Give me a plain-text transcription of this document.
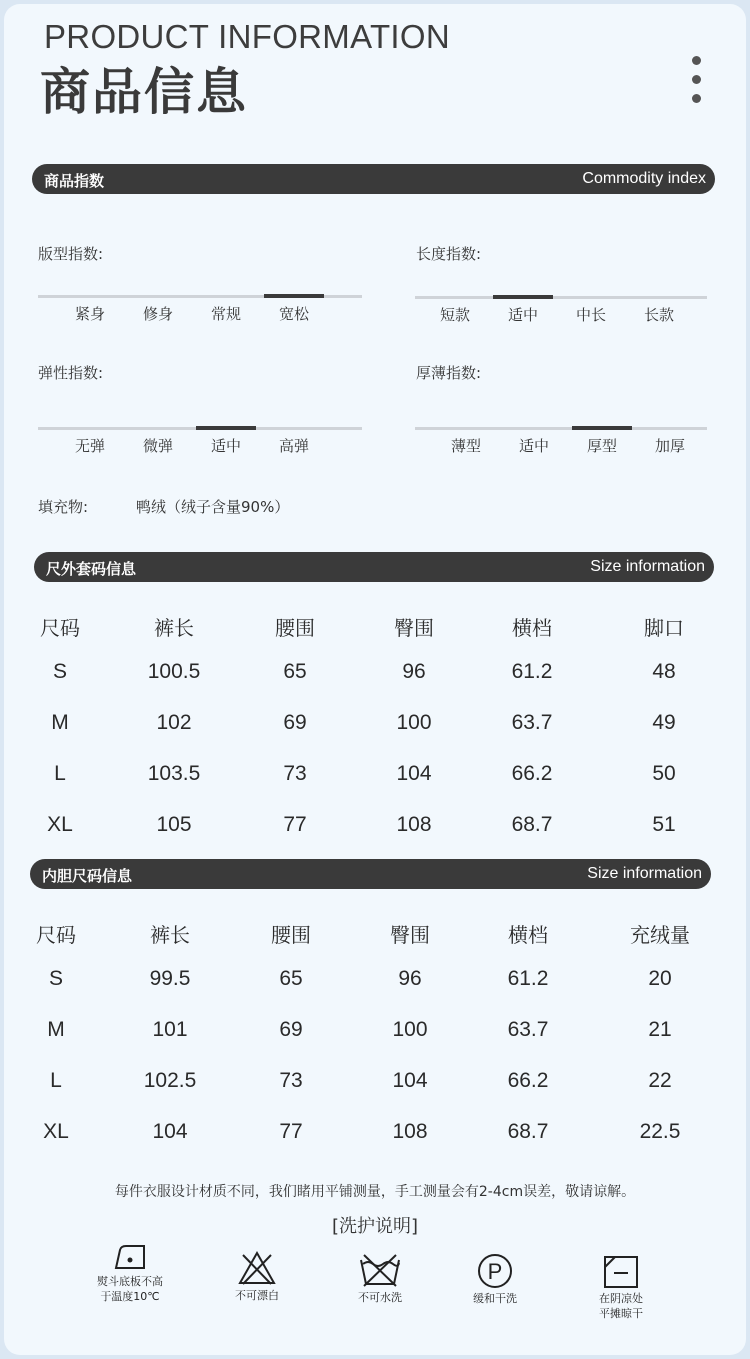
PRODUCT INFORMATION
商品信息
商品指数	Commodity index
版型指数:
紧身	修身	常规	宽松
长度指数:
短款	适中	中长	长款
弹性指数:
无弹	微弹	适中	高弹
厚薄指数:
薄型	适中	厚型	加厚
填充物:	鸭绒（绒子含量90%）
尺外套码信息	Size information
尺码	裤长	腰围	臀围	横档	脚口
S	100.5	65	96	61.2	48
M	102	69	100	63.7	49
L	103.5	73	104	66.2	50
XL	105	77	108	68.7	51
内胆尺码信息	Size information
尺码	裤长	腰围	臀围	横档	充绒量
S	99.5	65	96	61.2	20
M	101	69	100	63.7	21
L	102.5	73	104	66.2	22
XL	104	77	108	68.7	22.5
每件衣服设计材质不同，我们睹用平铺测量，手工测量会有2-4cm误差，敬请谅解。
[洗护说明]
熨斗底板不高
于温度10℃	不可漂白	不可水洗
P
缓和干洗	在阴凉处
平摊晾干
